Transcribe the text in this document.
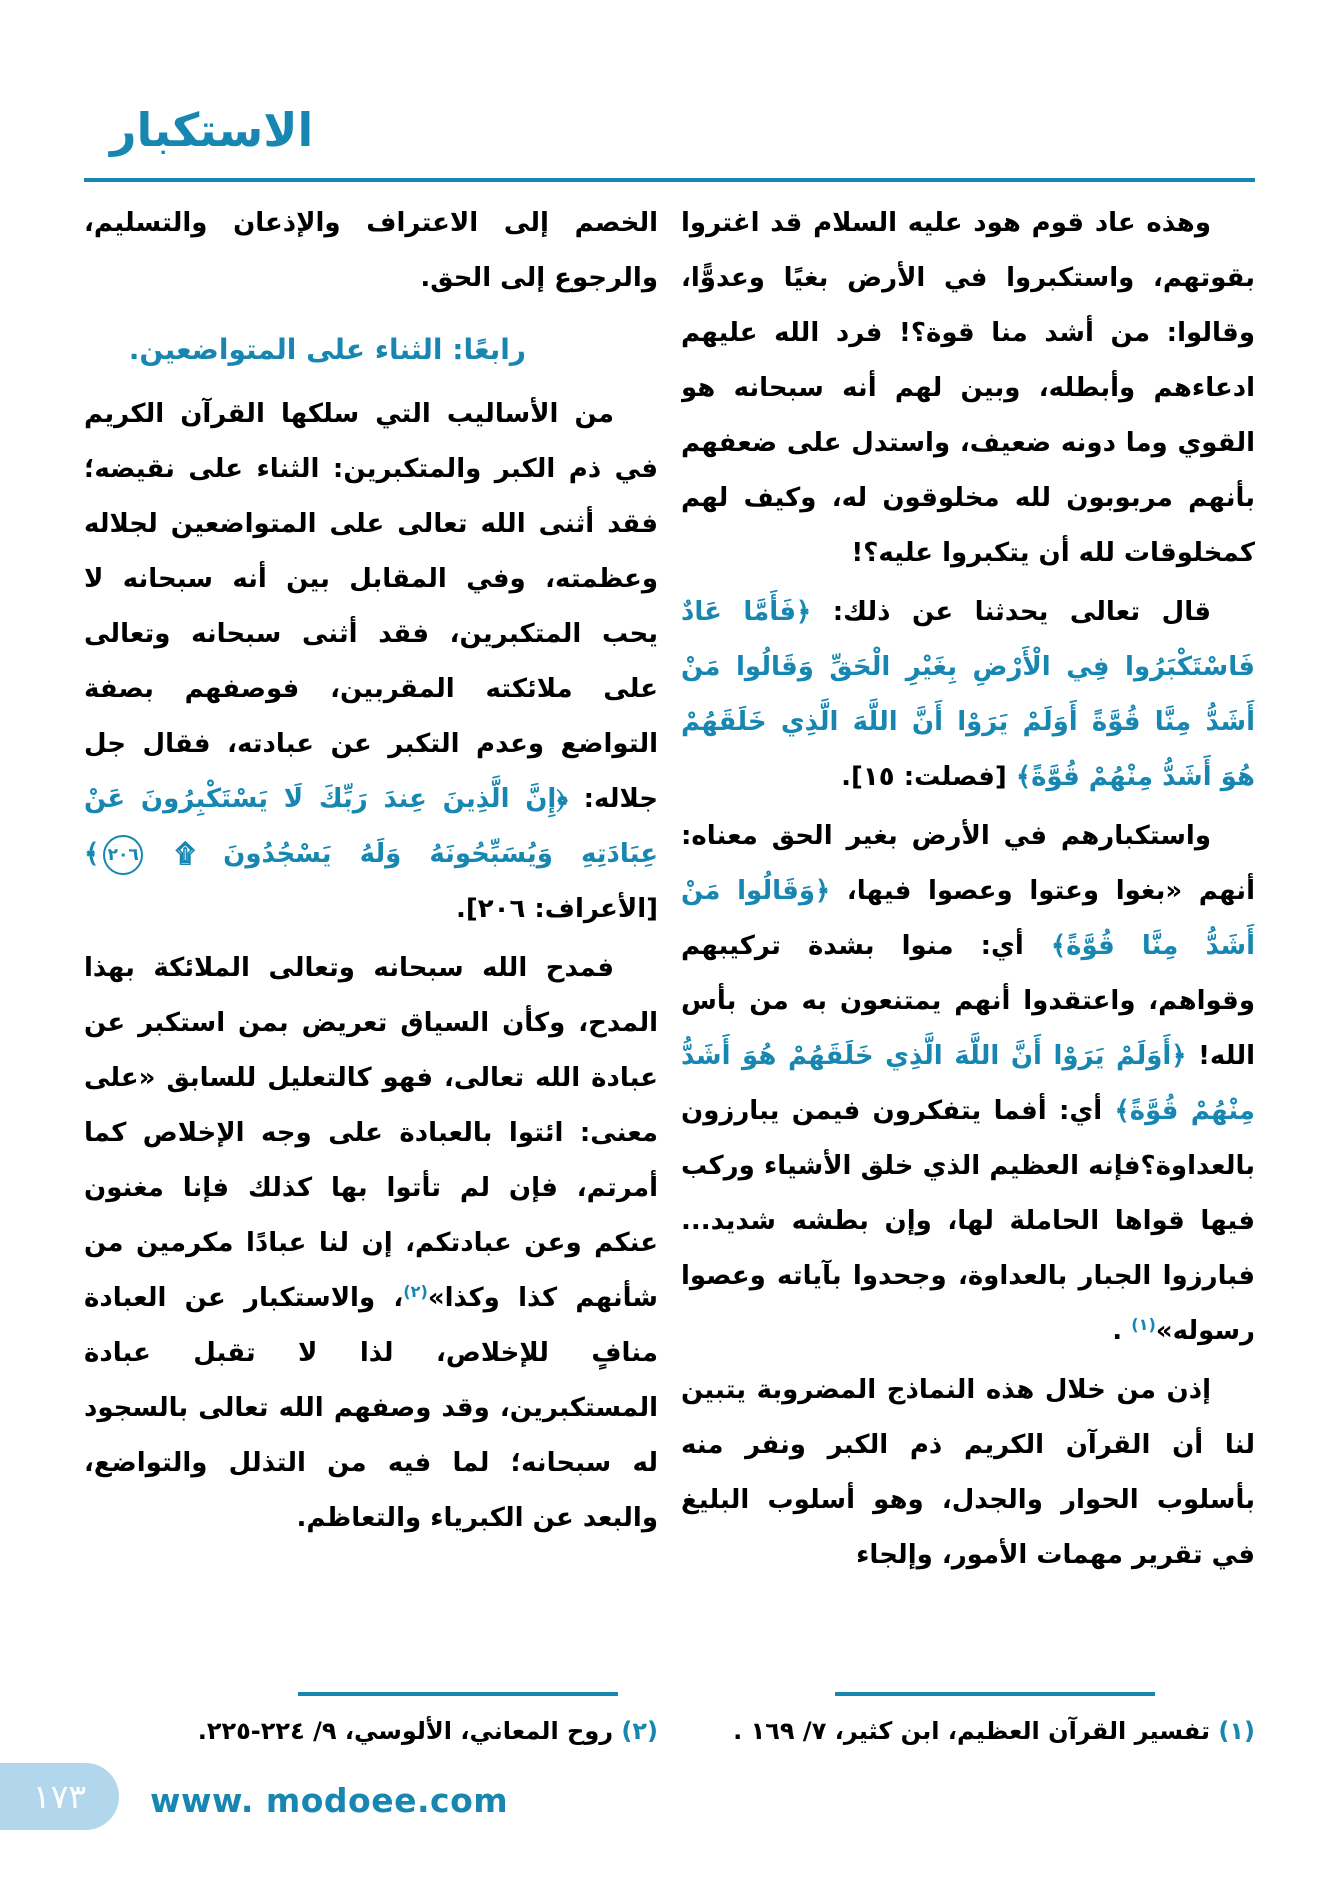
الاستكبار

وهذه عاد قوم هود عليه السلام قد اغتروا بقوتهم، واستكبروا في الأرض بغيًا وعدوًّا، وقالوا: من أشد منا قوة؟! فرد الله عليهم ادعاءهم وأبطله، وبين لهم أنه سبحانه هو القوي وما دونه ضعيف، واستدل على ضعفهم بأنهم مربوبون لله مخلوقون له، وكيف لهم كمخلوقات لله أن يتكبروا عليه؟!

قال تعالى يحدثنا عن ذلك: ﴿فَأَمَّا عَادٌ فَاسْتَكْبَرُوا فِي الْأَرْضِ بِغَيْرِ الْحَقِّ وَقَالُوا مَنْ أَشَدُّ مِنَّا قُوَّةً أَوَلَمْ يَرَوْا أَنَّ اللَّهَ الَّذِي خَلَقَهُمْ هُوَ أَشَدُّ مِنْهُمْ قُوَّةً﴾ [فصلت: ١٥].

واستكبارهم في الأرض بغير الحق معناه: أنهم «بغوا وعتوا وعصوا فيها، ﴿وَقَالُوا مَنْ أَشَدُّ مِنَّا قُوَّةً﴾ أي: منوا بشدة تركيبهم وقواهم، واعتقدوا أنهم يمتنعون به من بأس الله! ﴿أَوَلَمْ يَرَوْا أَنَّ اللَّهَ الَّذِي خَلَقَهُمْ هُوَ أَشَدُّ مِنْهُمْ قُوَّةً﴾ أي: أفما يتفكرون فيمن يبارزون بالعداوة؟فإنه العظيم الذي خلق الأشياء وركب فيها قواها الحاملة لها، وإن بطشه شديد... فبارزوا الجبار بالعداوة، وجحدوا بآياته وعصوا رسوله»$^{(١)}$ .

إذن من خلال هذه النماذج المضروبة يتبين لنا أن القرآن الكريم ذم الكبر ونفر منه بأسلوب الحوار والجدل، وهو أسلوب البليغ في تقرير مهمات الأمور، وإلجاء

الخصم إلى الاعتراف والإذعان والتسليم، والرجوع إلى الحق.

رابعًا: الثناء على المتواضعين.

من الأساليب التي سلكها القرآن الكريم في ذم الكبر والمتكبرين: الثناء على نقيضه؛ فقد أثنى الله تعالى على المتواضعين لجلاله وعظمته، وفي المقابل بين أنه سبحانه لا يحب المتكبرين، فقد أثنى سبحانه وتعالى على ملائكته المقربين، فوصفهم بصفة التواضع وعدم التكبر عن عبادته، فقال جل جلاله: ﴿إِنَّ الَّذِينَ عِندَ رَبِّكَ لَا يَسْتَكْبِرُونَ عَنْ عِبَادَتِهِ وَيُسَبِّحُونَهُ وَلَهُ يَسْجُدُونَ ۩ ٢٠٦﴾ [الأعراف: ٢٠٦].

فمدح الله سبحانه وتعالى الملائكة بهذا المدح، وكأن السياق تعريض بمن استكبر عن عبادة الله تعالى، فهو كالتعليل للسابق «على معنى: ائتوا بالعبادة على وجه الإخلاص كما أمرتم، فإن لم تأتوا بها كذلك فإنا مغنون عنكم وعن عبادتكم، إن لنا عبادًا مكرمين من شأنهم كذا وكذا»$^{(٢)}$، والاستكبار عن العبادة منافٍ للإخلاص، لذا لا تقبل عبادة المستكبرين، وقد وصفهم الله تعالى بالسجود له سبحانه؛ لما فيه من التذلل والتواضع، والبعد عن الكبرياء والتعاظم.

(١) تفسير القرآن العظيم، ابن كثير، ٧/ ١٦٩ .

(٢) روح المعاني، الألوسي، ٩/ ٢٢٤-٢٢٥.

١٧٣ www. modoee.com
